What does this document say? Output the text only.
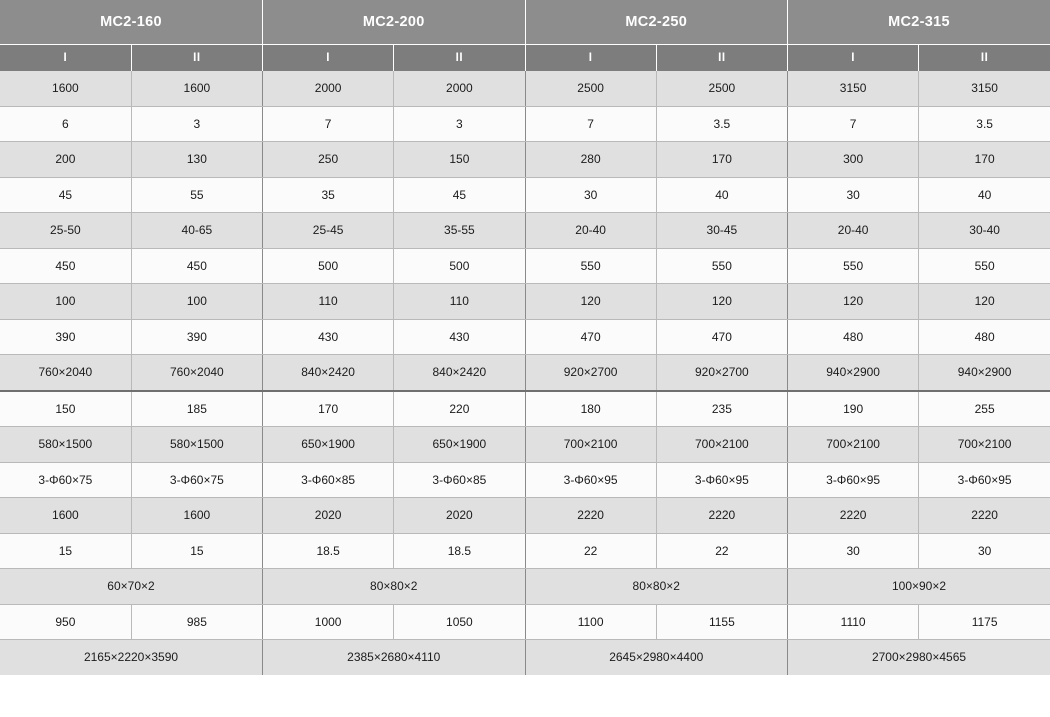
MC2-160		MC2-200		MC2-250		MC2-315	
I	II	I	II	I	II	I	II
1600	1600	2000	2000	2500	2500	3150	3150
6	3	7	3	7	3.5	7	3.5
200	130	250	150	280	170	300	170
45	55	35	45	30	40	30	40
25-50	40-65	25-45	35-55	20-40	30-45	20-40	30-40
450	450	500	500	550	550	550	550
100	100	110	110	120	120	120	120
390	390	430	430	470	470	480	480
760×2040	760×2040	840×2420	840×2420	920×2700	920×2700	940×2900	940×2900
150	185	170	220	180	235	190	255
580×1500	580×1500	650×1900	650×1900	700×2100	700×2100	700×2100	700×2100
3-Φ60×75	3-Φ60×75	3-Φ60×85	3-Φ60×85	3-Φ60×95	3-Φ60×95	3-Φ60×95	3-Φ60×95
1600	1600	2020	2020	2220	2220	2220	2220
15	15	18.5	18.5	22	22	30	30
60×70×2		80×80×2		80×80×2		100×90×2	
950	985	1000	1050	1100	1155	1110	1175
2165×2220×3590		2385×2680×4110		2645×2980×4400		2700×2980×4565	
